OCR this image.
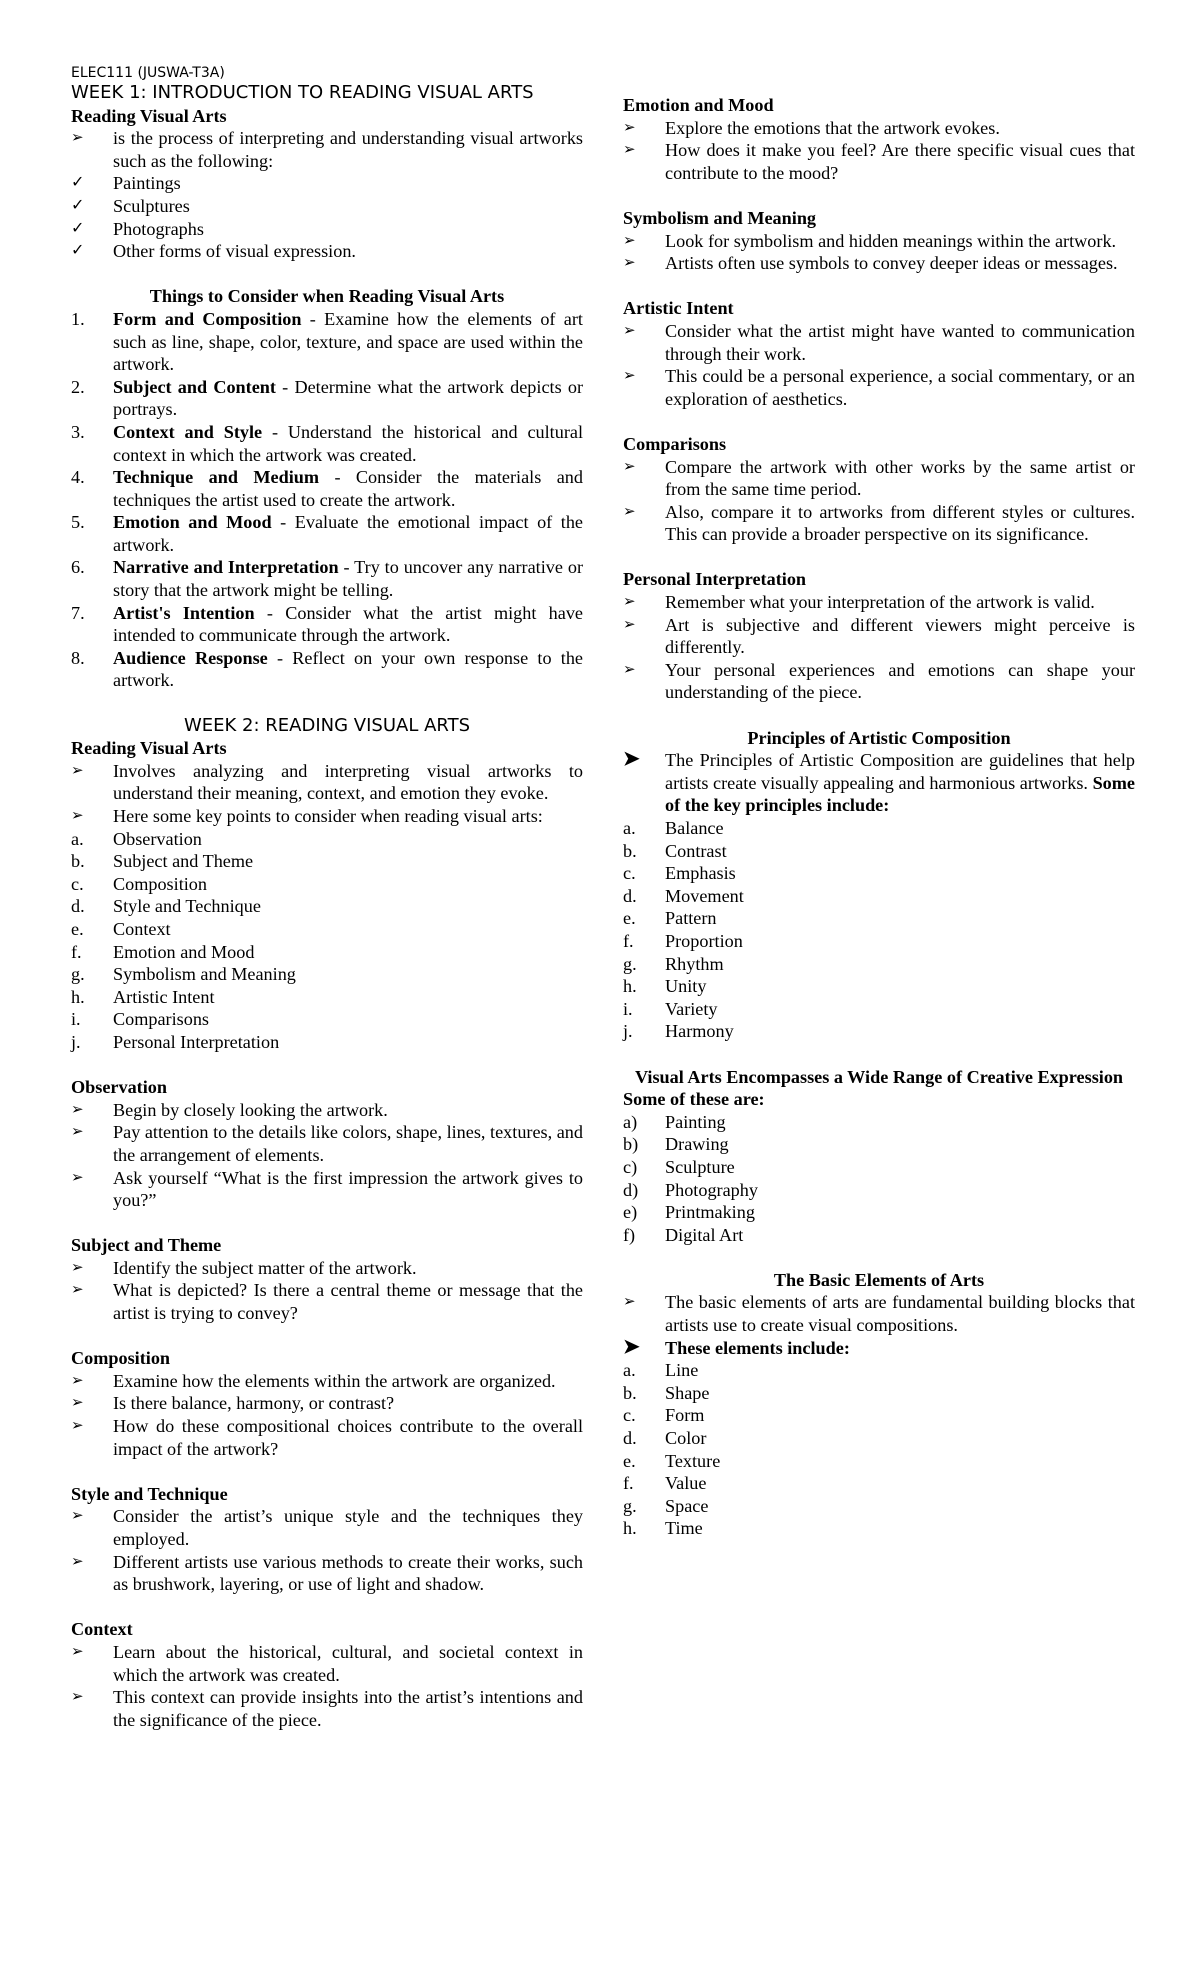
ELEC111 (JUSWA-T3A)
WEEK 1: INTRODUCTION TO READING VISUAL ARTS

Reading Visual Arts

➢	is the process of interpreting and understanding visual artworks such as the following:
✓	Paintings
✓	Sculptures
✓	Photographs
✓	Other forms of visual expression.

Things to Consider when Reading Visual Arts

1.	Form and Composition - Examine how the elements of art such as line, shape, color, texture, and space are used within the artwork.
2.	Subject and Content - Determine what the artwork depicts or portrays.
3.	Context and Style - Understand the historical and cultural context in which the artwork was created.
4.	Technique and Medium - Consider the materials and techniques the artist used to create the artwork.
5.	Emotion and Mood - Evaluate the emotional impact of the artwork.
6.	Narrative and Interpretation - Try to uncover any narrative or story that the artwork might be telling.
7.	Artist's Intention - Consider what the artist might have intended to communicate through the artwork.
8.	Audience Response - Reflect on your own response to the artwork.
WEEK 2: READING VISUAL ARTS

Reading Visual Arts

➢	Involves analyzing and interpreting visual artworks to understand their meaning, context, and emotion they evoke.
➢	Here some key points to consider when reading visual arts:
a.	Observation
b.	Subject and Theme
c.	Composition
d.	Style and Technique
e.	Context
f.	Emotion and Mood
g.	Symbolism and Meaning
h.	Artistic Intent
i.	Comparisons
j.	Personal Interpretation

Observation

➢	Begin by closely looking the artwork.
➢	Pay attention to the details like colors, shape, lines, textures, and the arrangement of elements.
➢	Ask yourself “What is the first impression the artwork gives to you?”

Subject and Theme

➢	Identify the subject matter of the artwork.
➢	What is depicted? Is there a central theme or message that the artist is trying to convey?

Composition

➢	Examine how the elements within the artwork are organized.
➢	Is there balance, harmony, or contrast?
➢	How do these compositional choices contribute to the overall impact of the artwork?

Style and Technique

➢	Consider the artist’s unique style and the techniques they employed.
➢	Different artists use various methods to create their works, such as brushwork, layering, or use of light and shadow.

Context

➢	Learn about the historical, cultural, and societal context in which the artwork was created.
➢	This context can provide insights into the artist’s intentions and the significance of the piece.

Emotion and Mood

➢	Explore the emotions that the artwork evokes.
➢	How does it make you feel? Are there specific visual cues that contribute to the mood?

Symbolism and Meaning

➢	Look for symbolism and hidden meanings within the artwork.
➢	Artists often use symbols to convey deeper ideas or messages.

Artistic Intent

➢	Consider what the artist might have wanted to communication through their work.
➢	This could be a personal experience, a social commentary, or an exploration of aesthetics.

Comparisons

➢	Compare the artwork with other works by the same artist or from the same time period.
➢	Also, compare it to artworks from different styles or cultures. This can provide a broader perspective on its significance.

Personal Interpretation

➢	Remember what your interpretation of the artwork is valid.
➢	Art is subjective and different viewers might perceive is differently.
➢	Your personal experiences and emotions can shape your understanding of the piece.

Principles of Artistic Composition

➤	The Principles of Artistic Composition are guidelines that help artists create visually appealing and harmonious artworks. Some of the key principles include:
a.	Balance
b.	Contrast
c.	Emphasis
d.	Movement
e.	Pattern
f.	Proportion
g.	Rhythm
h.	Unity
i.	Variety
j.	Harmony

Visual Arts Encompasses a Wide Range of Creative Expression

Some of these are:

a)	Painting
b)	Drawing
c)	Sculpture
d)	Photography
e)	Printmaking
f)	Digital Art

The Basic Elements of Arts

➢	The basic elements of arts are fundamental building blocks that artists use to create visual compositions.
➤	These elements include:
a.	Line
b.	Shape
c.	Form
d.	Color
e.	Texture
f.	Value
g.	Space
h.	Time
